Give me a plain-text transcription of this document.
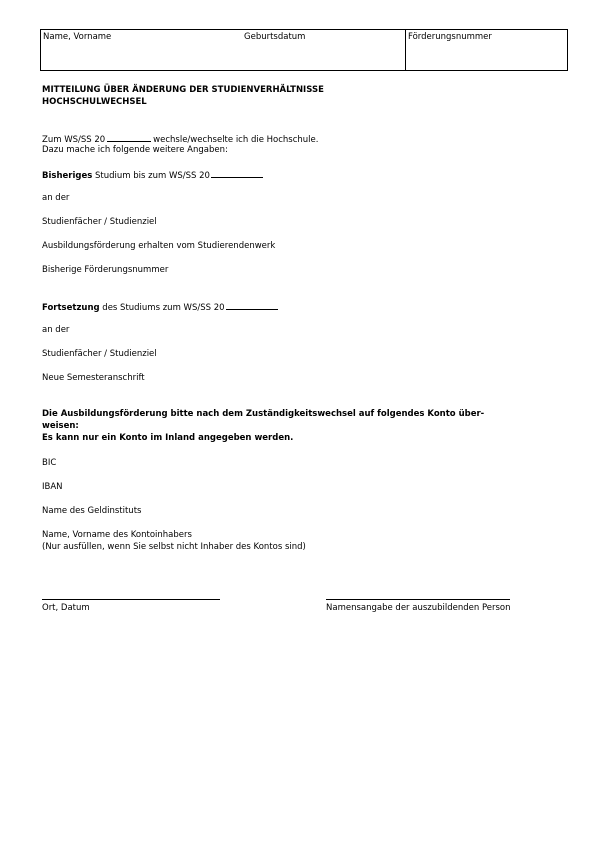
Name, Vorname	Geburtsdatum	Förderungsnummer
MITTEILUNG ÜBER ÄNDERUNG DER STUDIENVERHÄLTNISSE
HOCHSCHULWECHSEL
Zum WS/SS 20	wechsle/wechselte ich die Hochschule.
Dazu mache ich folgende weitere Angaben:
Bisheriges Studium bis zum WS/SS 20
an der
Studienfächer / Studienziel
Ausbildungsförderung erhalten vom Studierendenwerk
Bisherige Förderungsnummer
Fortsetzung des Studiums zum WS/SS 20
an der
Studienfächer / Studienziel
Neue Semesteranschrift
Die Ausbildungsförderung bitte nach dem Zuständigkeitswechsel auf folgendes Konto über-
weisen:
Es kann nur ein Konto im Inland angegeben werden.
BIC
IBAN
Name des Geldinstituts
Name, Vorname des Kontoinhabers
(Nur ausfüllen, wenn Sie selbst nicht Inhaber des Kontos sind)
Ort, Datum	Namensangabe der auszubildenden Person
